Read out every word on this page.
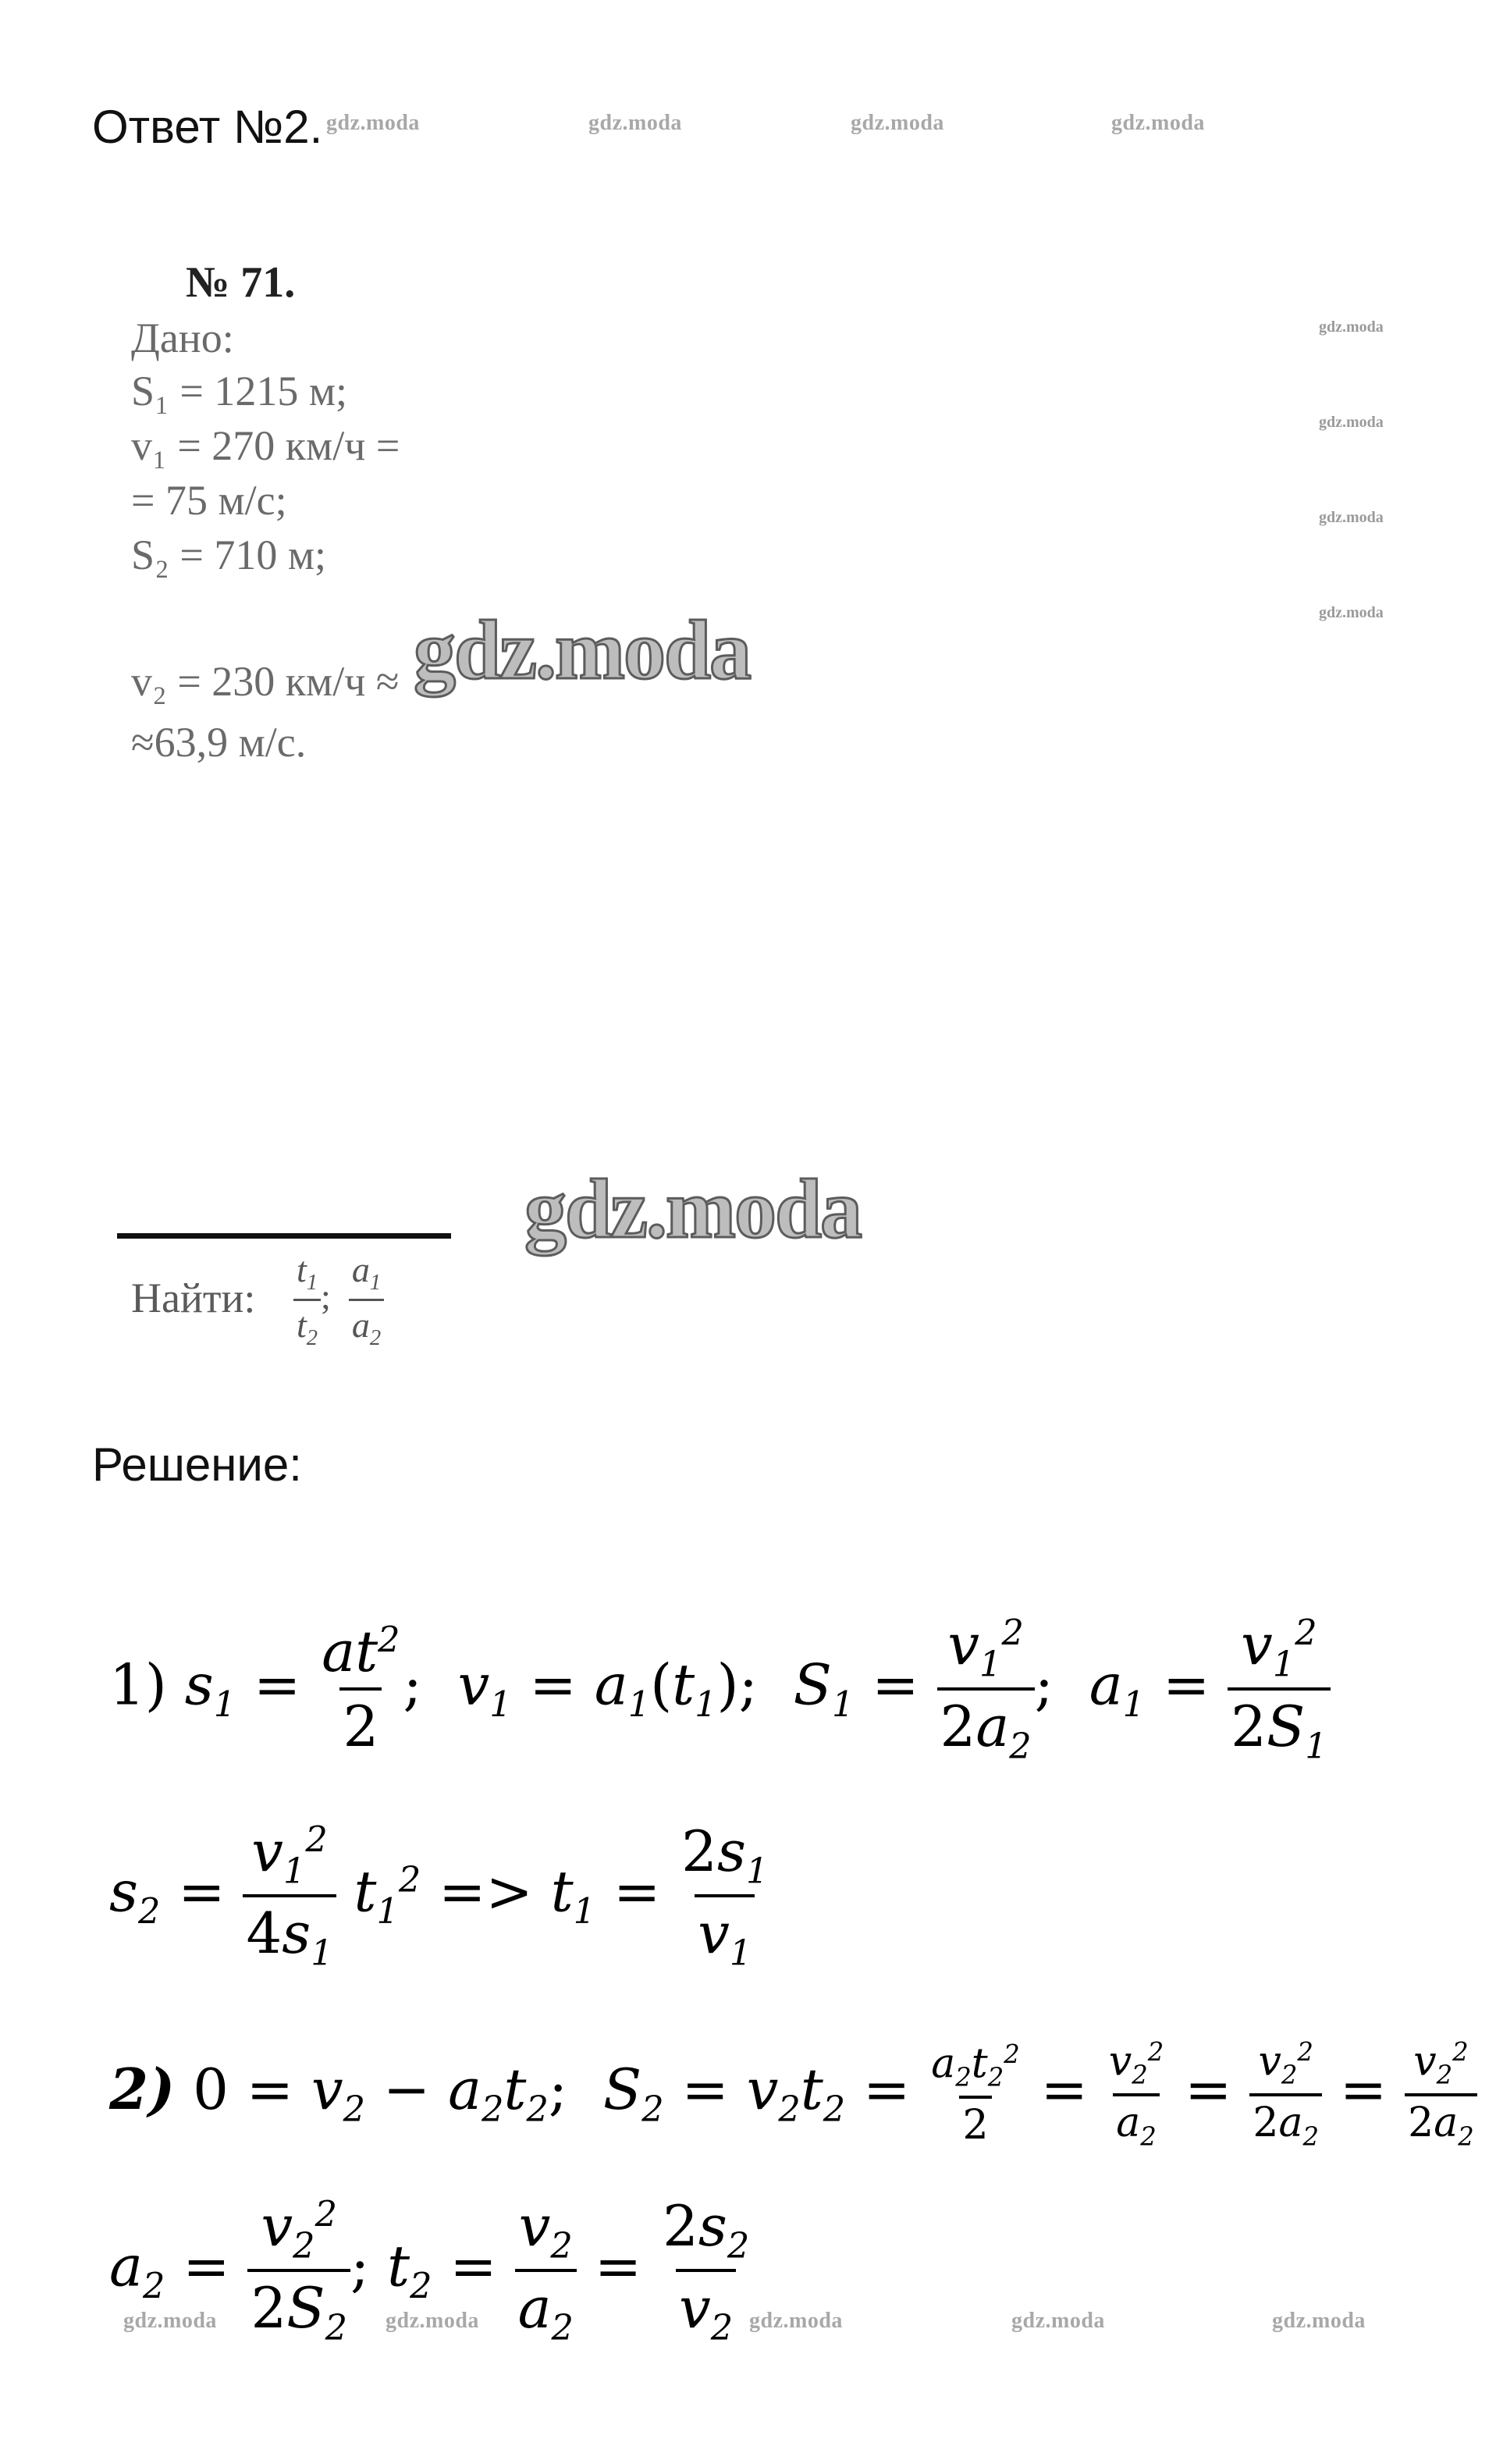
Ответ №2. gdz.moda	gdz.moda	gdz.moda	gdz.moda
gdz.moda
gdz.moda
gdz.moda
gdz.moda
№ 71.
Дано:
S₁ = 1215 м;
v₁ = 270 км/ч =
= 75 м/с;
S₂ = 710 м;
v₂ = 230 км/ч ≈
≈63,9 м/с.
gdz.moda
gdz.moda
Найти: $\frac{t_1}{t_2}$ ; $\frac{a_1}{a_2}$
Решение:
1) $s_1 = \frac{at^2}{2}$ ;  $v_1 = a_1(t_1)$;  $S_1 = \frac{v_1^2}{2a_2}$ ;  $a_1 = \frac{v_1^2}{2S_1}$
$s_2 = \frac{v_1^2}{4s_1} t_1^2 => t_1 = \frac{2s_1}{v_1}$
2) $0 = v_2 - a_2t_2$;  $S_2 = v_2t_2 = \frac{a_2t_2^2}{2} = \frac{v_2^2}{a_2} = \frac{v_2^2}{2a_2} = \frac{v_2^2}{2a_2}$
$a_2 = \frac{v_2^2}{2S_2}$ ; $t_2 = \frac{v_2}{a_2} = \frac{2s_2}{v_2}$
gdz.moda	gdz.moda	gdz.moda	gdz.moda	gdz.moda
